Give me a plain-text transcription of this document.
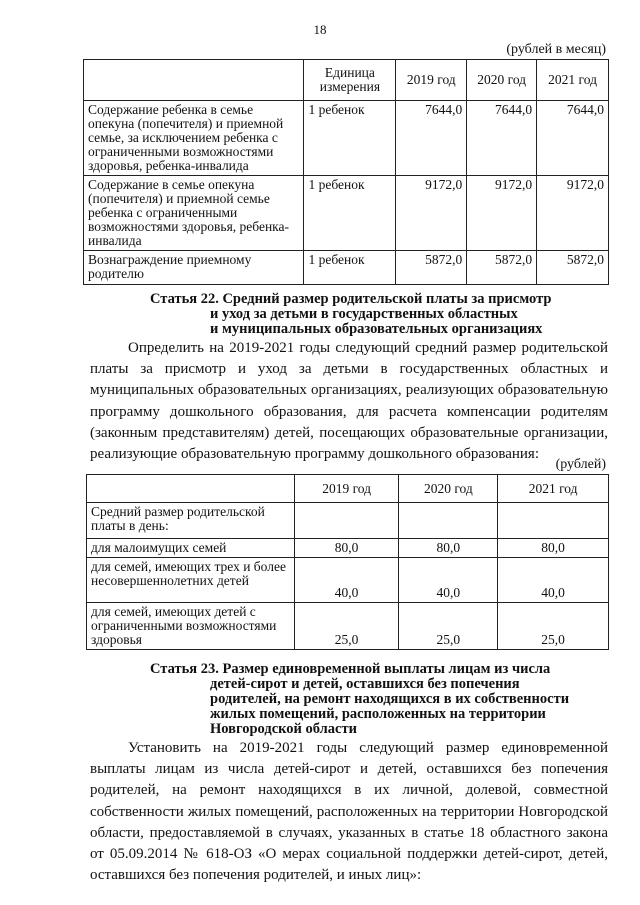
18
(рублей в месяц)
	Единица измерения	2019 год	2020 год	2021 год
Содержание ребенка в семье опекуна (попечителя) и приемной семье, за исключением ребенка с ограниченными возможностями здоровья, ребенка-инвалида	1 ребенок	7644,0	7644,0	7644,0
Содержание в семье опекуна (попечителя) и приемной семье ребенка с ограниченными возможностями здоровья, ребенка-инвалида	1 ребенок	9172,0	9172,0	9172,0
Вознаграждение приемному родителю	1 ребенок	5872,0	5872,0	5872,0
Статья 22. Средний размер родительской платы за присмотр
и уход за детьми в государственных областных
и муниципальных образовательных организациях

Определить на 2019-2021 годы следующий средний размер родительской платы за присмотр и уход за детьми в государственных областных и муниципальных образовательных организациях, реализующих образовательную программу дошкольного образования, для расчета компенсации родителям (законным представителям) детей, посещающих образовательные организации, реализующие образовательную программу дошкольного образования:

(рублей)
	2019 год	2020 год	2021 год
Средний размер родительской платы в день:			
для малоимущих семей	80,0	80,0	80,0
для семей, имеющих трех и более несовершеннолетних детей	40,0	40,0	40,0
для семей, имеющих детей с ограниченными возможностями здоровья	25,0	25,0	25,0
Статья 23. Размер единовременной выплаты лицам из числа
детей-сирот и детей, оставшихся без попечения
родителей, на ремонт находящихся в их собственности
жилых помещений, расположенных на территории
Новгородской области

Установить на 2019-2021 годы следующий размер единовременной выплаты лицам из числа детей-сирот и детей, оставшихся без попечения родителей, на ремонт находящихся в их личной, долевой, совместной собственности жилых помещений, расположенных на территории Новгородской области, предоставляемой в случаях, указанных в статье 18 областного закона от 05.09.2014 № 618-ОЗ «О мерах социальной поддержки детей-сирот, детей, оставшихся без попечения родителей, и иных лиц»:
